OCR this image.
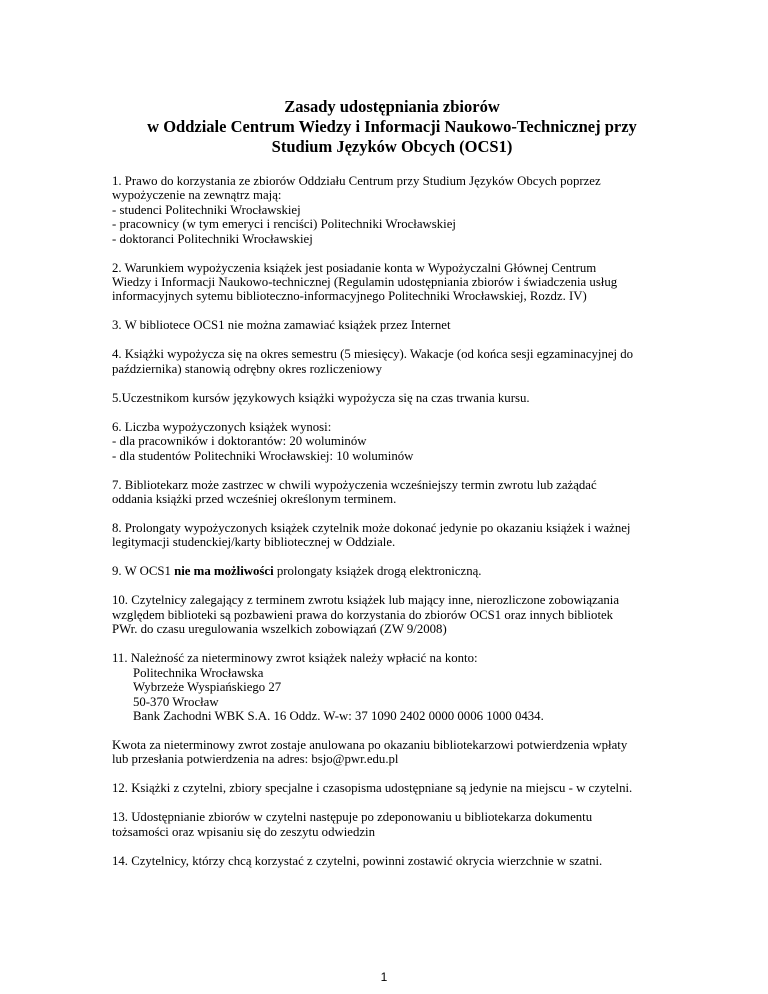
Zasady udostępniania zbiorów
w Oddziale Centrum Wiedzy i Informacji Naukowo-Technicznej przy
Studium Języków Obcych (OCS1)
1. Prawo do korzystania ze zbiorów Oddziału Centrum przy Studium Języków Obcych poprzez
wypożyczenie na zewnątrz mają:
- studenci Politechniki Wrocławskiej
- pracownicy (w tym emeryci i renciści) Politechniki Wrocławskiej
- doktoranci Politechniki Wrocławskiej
2. Warunkiem wypożyczenia książek jest posiadanie konta w Wypożyczalni Głównej Centrum
Wiedzy i Informacji Naukowo-technicznej (Regulamin udostępniania zbiorów i świadczenia usług
informacyjnych sytemu biblioteczno-informacyjnego Politechniki Wrocławskiej, Rozdz. IV)
3. W bibliotece OCS1 nie można zamawiać książek przez Internet
4. Książki wypożycza się na okres semestru (5 miesięcy). Wakacje (od końca sesji egzaminacyjnej do
października) stanowią odrębny okres rozliczeniowy
5.Uczestnikom kursów językowych książki wypożycza się na czas trwania kursu.
6. Liczba wypożyczonych książek wynosi:
- dla pracowników i doktorantów: 20 woluminów
- dla studentów Politechniki Wrocławskiej: 10 woluminów
7. Bibliotekarz może zastrzec w chwili wypożyczenia wcześniejszy termin zwrotu lub zażądać
oddania książki przed wcześniej określonym terminem.
8. Prolongaty wypożyczonych książek czytelnik może dokonać jedynie po okazaniu książek i ważnej
legitymacji studenckiej/karty bibliotecznej w Oddziale.
9. W OCS1 nie ma możliwości prolongaty książek drogą elektroniczną.
10. Czytelnicy zalegający z terminem zwrotu książek lub mający inne, nierozliczone zobowiązania
względem biblioteki są pozbawieni prawa do korzystania do zbiorów OCS1 oraz innych bibliotek
PWr. do czasu uregulowania wszelkich zobowiązań (ZW 9/2008)
11. Należność za nieterminowy zwrot książek należy wpłacić na konto:
Politechnika Wrocławska
Wybrzeże Wyspiańskiego 27
50-370 Wrocław
Bank Zachodni WBK S.A. 16 Oddz. W-w: 37 1090 2402 0000 0006 1000 0434.
Kwota za nieterminowy zwrot zostaje anulowana po okazaniu bibliotekarzowi potwierdzenia wpłaty
lub przesłania potwierdzenia na adres: bsjo@pwr.edu.pl
12. Książki z czytelni, zbiory specjalne i czasopisma udostępniane są jedynie na miejscu - w czytelni.
13. Udostępnianie zbiorów w czytelni następuje po zdeponowaniu u bibliotekarza dokumentu
tożsamości oraz wpisaniu się do zeszytu odwiedzin
14. Czytelnicy, którzy chcą korzystać z czytelni, powinni zostawić okrycia wierzchnie w szatni.
1
